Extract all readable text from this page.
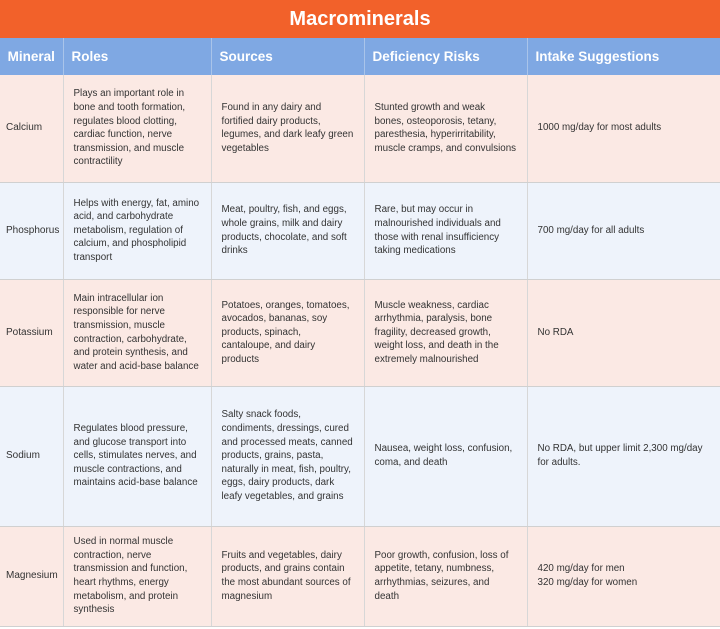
Macrominerals
Mineral	Roles	Sources	Deficiency Risks	Intake Suggestions
Calcium	Plays an important role in bone and tooth formation, regulates blood clotting, cardiac function, nerve transmission, and muscle contractility	Found in any dairy and fortified dairy products, legumes, and dark leafy green vegetables	Stunted growth and weak bones, osteoporosis, tetany, paresthesia, hyperirritability, muscle cramps, and convulsions	1000 mg/day for most adults
Phosphorus	Helps with energy, fat, amino acid, and carbohydrate metabolism, regulation of calcium, and phospholipid transport	Meat, poultry, fish, and eggs, whole grains, milk and dairy products, chocolate, and soft drinks	Rare, but may occur in malnourished individuals and those with renal insufficiency taking medications	700 mg/day for all adults
Potassium	Main intracellular ion responsible for nerve transmission, muscle contraction, carbohydrate, and protein synthesis, and water and acid-base balance	Potatoes, oranges, tomatoes, avocados, bananas, soy products, spinach, cantaloupe, and dairy products	Muscle weakness, cardiac arrhythmia, paralysis, bone fragility, decreased growth, weight loss, and death in the extremely malnourished	No RDA
Sodium	Regulates blood pressure, and glucose transport into cells, stimulates nerves, and muscle contractions, and maintains acid-base balance	Salty snack foods, condiments, dressings, cured and processed meats, canned products, grains, pasta, naturally in meat, fish, poultry, eggs, dairy products, dark leafy vegetables, and grains	Nausea, weight loss, confusion, coma, and death	No RDA, but upper limit 2,300 mg/day for adults.
Magnesium	Used in normal muscle contraction, nerve transmission and function, heart rhythms, energy metabolism, and protein synthesis	Fruits and vegetables, dairy products, and grains contain the most abundant sources of magnesium	Poor growth, confusion, loss of appetite, tetany, numbness, arrhythmias, seizures, and death	420 mg/day for men
320 mg/day for women
